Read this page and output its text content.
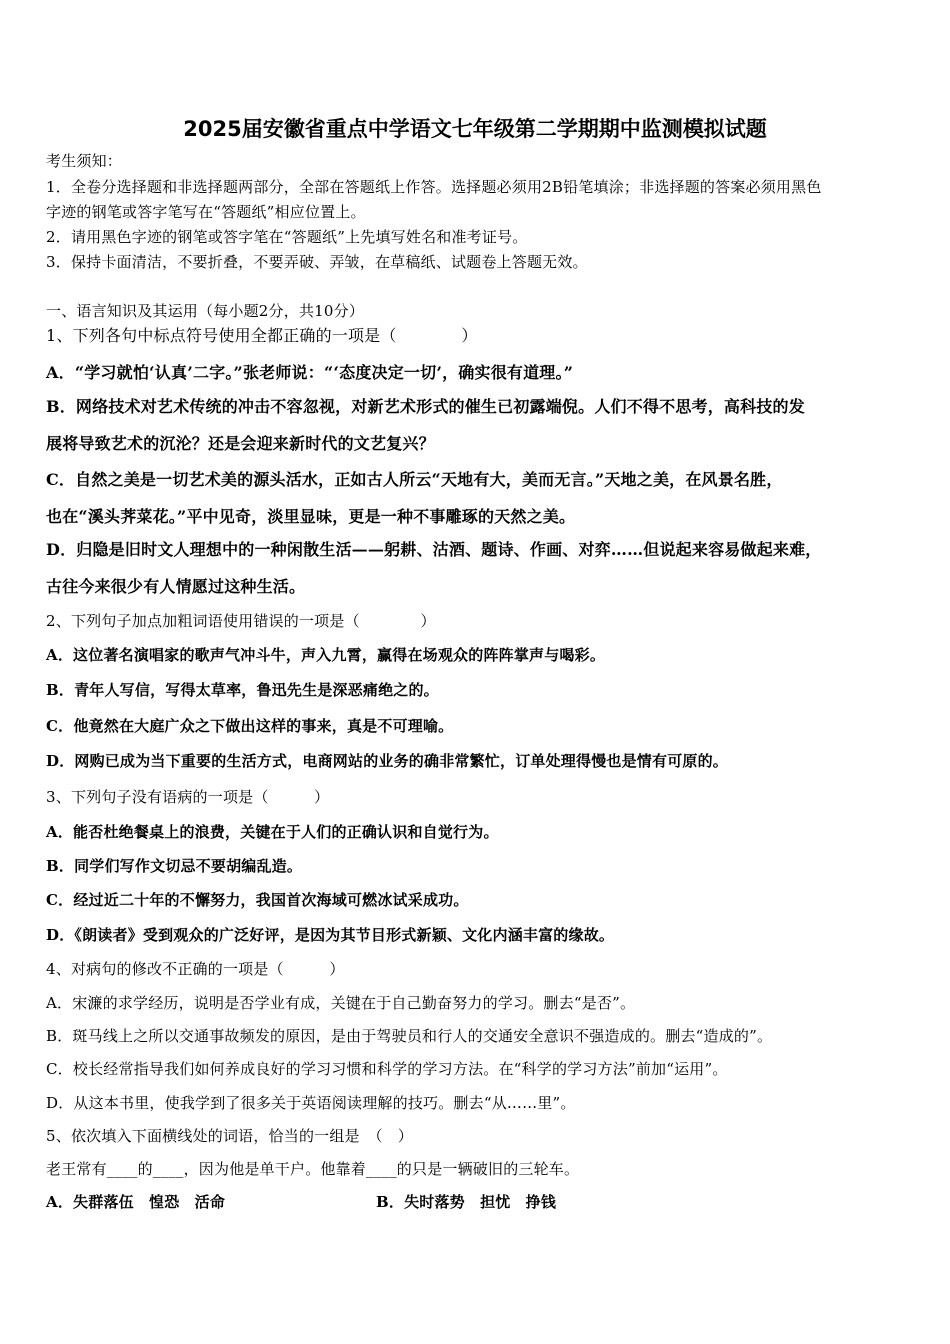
2025届安徽省重点中学语文七年级第二学期期中监测模拟试题
考生须知：
1．全卷分选择题和非选择题两部分，全部在答题纸上作答。选择题必须用2B铅笔填涂；非选择题的答案必须用黑色
字迹的钢笔或答字笔写在“答题纸”相应位置上。
2．请用黑色字迹的钢笔或答字笔在“答题纸”上先填写姓名和准考证号。
3．保持卡面清洁，不要折叠，不要弄破、弄皱，在草稿纸、试题卷上答题无效。
一、语言知识及其运用（每小题2分，共10分）
1、下列各句中标点符号使用全都正确的一项是（　　　　）
A．“学习就怕‘认真’二字。”张老师说：“‘态度决定一切’，确实很有道理。”
B．网络技术对艺术传统的冲击不容忽视，对新艺术形式的催生已初露端倪。人们不得不思考，高科技的发
展将导致艺术的沉沦？还是会迎来新时代的文艺复兴？
C．自然之美是一切艺术美的源头活水，正如古人所云“天地有大，美而无言。”天地之美，在风景名胜，
也在“溪头荠菜花。”平中见奇，淡里显味，更是一种不事雕琢的天然之美。
D．归隐是旧时文人理想中的一种闲散生活——躬耕、沽酒、题诗、作画、对弈……但说起来容易做起来难，
古往今来很少有人情愿过这种生活。
2、下列句子加点加粗词语使用错误的一项是（　　　　）
A．这位著名演唱家的歌声气冲斗牛，声入九霄，赢得在场观众的阵阵掌声与喝彩。
B．青年人写信，写得太草率，鲁迅先生是深恶痛绝之的。
C．他竟然在大庭广众之下做出这样的事来，真是不可理喻。
D．网购已成为当下重要的生活方式，电商网站的业务的确非常繁忙，订单处理得慢也是情有可原的。
3、下列句子没有语病的一项是（　　　）
A．能否杜绝餐桌上的浪费，关键在于人们的正确认识和自觉行为。
B．同学们写作文切忌不要胡编乱造。
C．经过近二十年的不懈努力，我国首次海域可燃冰试采成功。
D．《朗读者》受到观众的广泛好评，是因为其节目形式新颖、文化内涵丰富的缘故。
4、对病句的修改不正确的一项是（　　　）
A．宋濂的求学经历，说明是否学业有成，关键在于自己勤奋努力的学习。删去“是否”。
B．斑马线上之所以交通事故频发的原因，是由于驾驶员和行人的交通安全意识不强造成的。删去“造成的”。
C．校长经常指导我们如何养成良好的学习习惯和科学的学习方法。在“科学的学习方法”前加“运用”。
D．从这本书里，使我学到了很多关于英语阅读理解的技巧。删去“从……里”。
5、依次填入下面横线处的词语，恰当的一组是　（　）
老王常有____的____，因为他是单干户。他靠着____的只是一辆破旧的三轮车。
A．失群落伍　惶恐　活命	B．失时落势　担忧　挣钱
